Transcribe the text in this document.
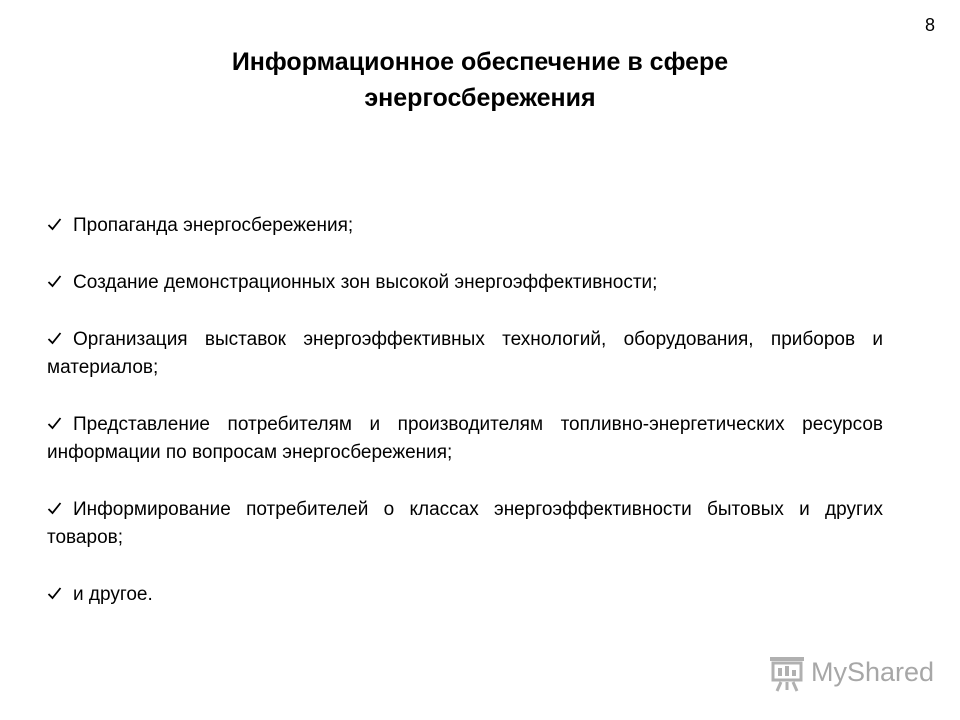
8
Информационное обеспечение в сфере энергосбережения
Пропаганда энергосбережения;
Создание демонстрационных зон высокой энергоэффективности;
Организация выставок энергоэффективных технологий, оборудования, приборов и материалов;
Представление потребителям и производителям топливно-энергетических ресурсов информации по вопросам энергосбережения;
Информирование потребителей о классах энергоэффективности бытовых и других товаров;
и другое.
MyShared
